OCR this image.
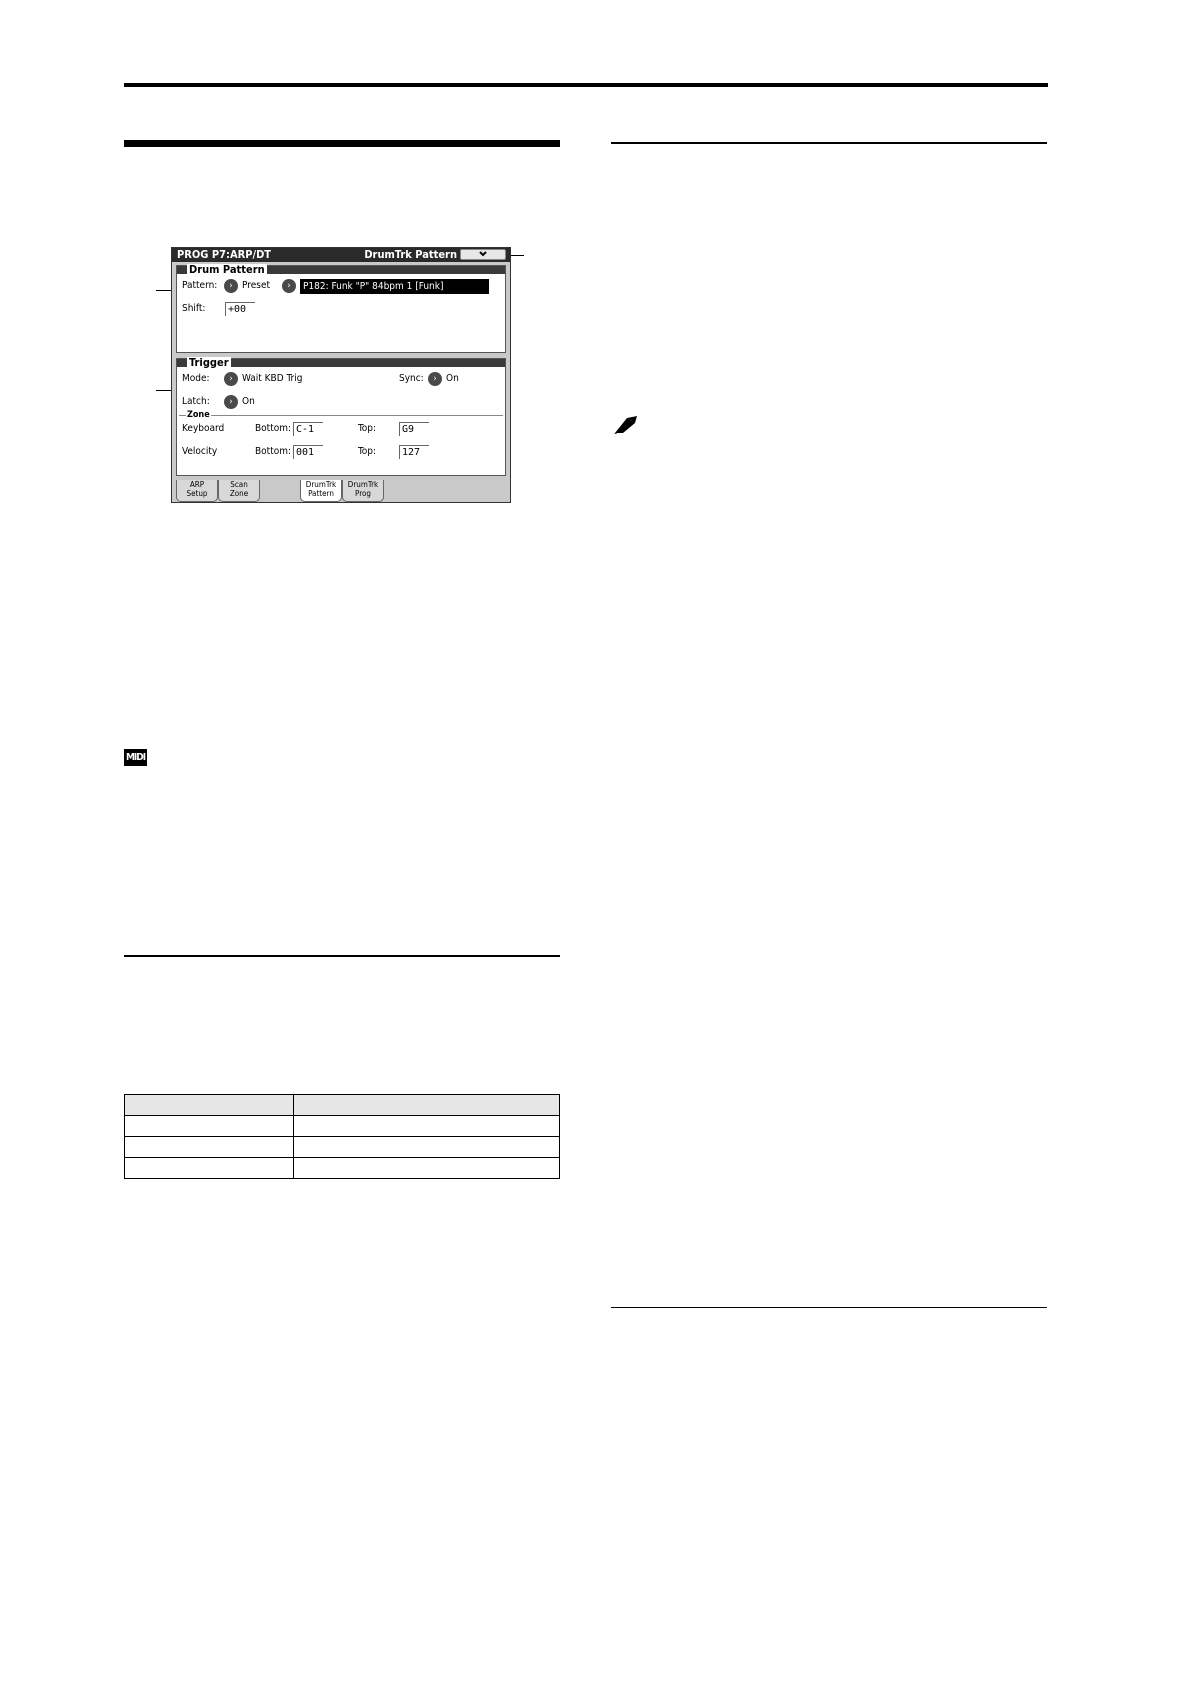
PROG P7:ARP/DT	DrumTrk Pattern
Drum Pattern
Pattern:	› Preset	›	P182: Funk "P" 84bpm 1 [Funk]
Shift:	+00
Trigger
Mode:	› Wait KBD Trig	Sync:	› On
Latch:	› On
Zone
Keyboard	Bottom: C-1	Top:	G9
Velocity	Bottom: 001	Top:	127
ARP
Setup
Scan
Zone
DrumTrk
Pattern
DrumTrk
Prog
MIDI
